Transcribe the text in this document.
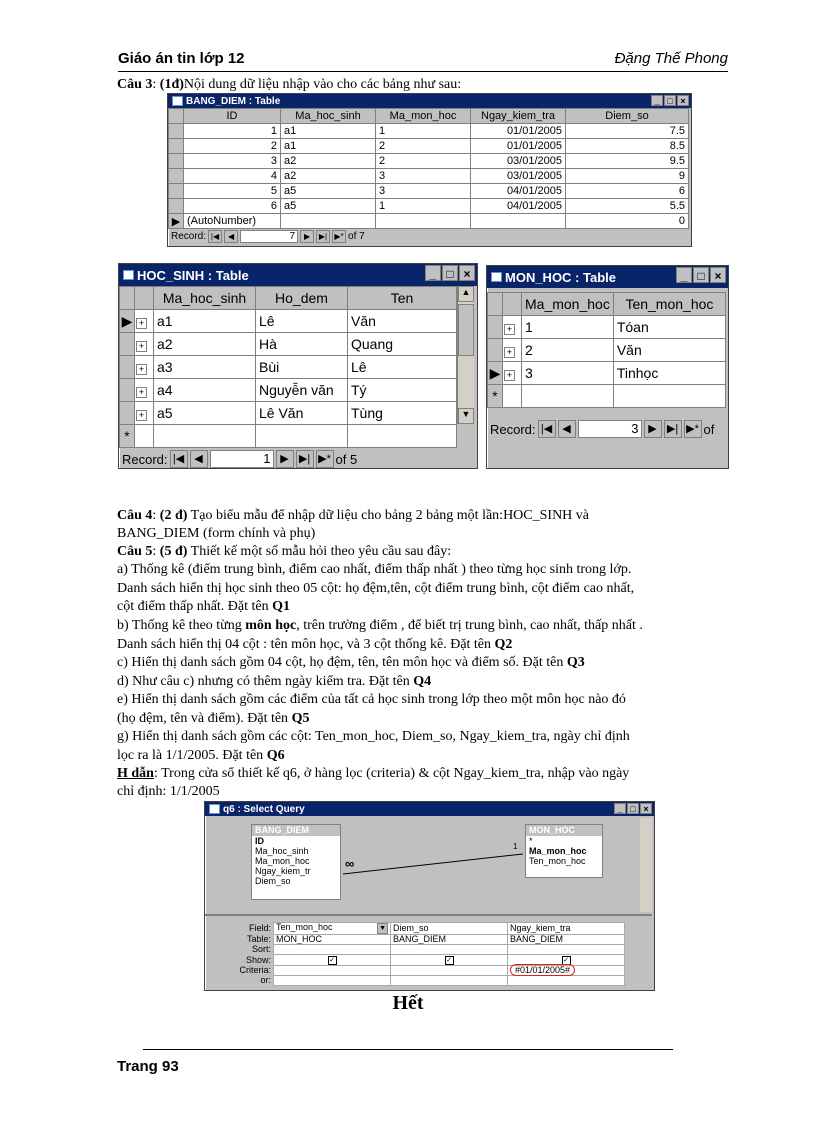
Giáo án tin lớp 12	Đặng Thế Phong
Câu 3: (1đ)Nội dung dữ liệu nhập vào cho các bảng như sau:
BANG_DIEM : Table	_ □ ×
	ID	Ma_hoc_sinh	Ma_mon_hoc	Ngay_kiem_tra	Diem_so
	1	a1	1	01/01/2005	7.5
	2	a1	2	01/01/2005	8.5
	3	a2	2	03/01/2005	9.5
	4	a2	3	03/01/2005	9
	5	a5	3	04/01/2005	6
	6	a5	1	04/01/2005	5.5
▶	(AutoNumber)				0
Record: |◀	◀	7	▶	▶| ▶* of 7
HOC_SINH : Table	_ □ ×
		Ma_hoc_sinh	Ho_dem	Ten
▶	+	a1	Lê	Văn
	+	a2	Hà	Quang
	+	a3	Bùi	Lê
	+	a4	Nguyễn văn	Tý
	+	a5	Lê Văn	Tùng
*				
▲
▼
Record: |◀ ◀	1 ▶ ▶| ▶* of 5
MON_HOC : Table	_ □ ×
		Ma_mon_hoc	Ten_mon_hoc
	+	1	Tóan
	+	2	Văn
▶	+	3	Tinhọc
*			
Record: |◀ ◀	3 ▶ ▶| ▶* of
Câu 4: (2 đ) Tạo biểu mẫu để nhập dữ liệu cho bảng 2 bảng một lần:HOC_SINH và
BANG_DIEM (form chính và phụ)
Câu 5: (5 đ) Thiết kế một số mẫu hỏi theo yêu cầu sau đây:
a) Thống kê (điểm trung bình, điểm cao nhất, điểm thấp nhất ) theo từng học sinh trong lớp.
Danh sách hiển thị học sinh theo 05 cột: họ đệm,tên, cột điểm trung bình, cột điểm cao nhất,
cột điểm thấp nhất. Đặt tên Q1
b) Thống kê theo từng môn học, trên trường điểm , để biết trị trung bình, cao nhất, thấp nhất .
Danh sách hiển thị 04 cột : tên môn học, và 3 cột thống kê. Đặt tên Q2
c) Hiển thị danh sách gồm 04 cột, họ đệm, tên, tên môn học và điểm số. Đặt tên Q3
d) Như câu c) nhưng có thêm ngày kiểm tra. Đặt tên Q4
e) Hiển thị danh sách gồm các điểm của tất cả học sinh trong lớp theo một môn học nào đó
(họ đệm, tên và điểm). Đặt tên Q5
g) Hiển thị danh sách gồm các cột: Ten_mon_hoc, Diem_so, Ngay_kiem_tra, ngày chỉ định
lọc ra là 1/1/2005. Đặt tên Q6
H dẫn: Trong cửa sổ thiết kế q6, ở hàng lọc (criteria) & cột Ngay_kiem_tra, nhập vào ngày
chỉ định: 1/1/2005
q6 : Select Query	_ □ ×
BANG_DIEM
ID
Ma_hoc_sinh
Ma_mon_hoc
Ngay_kiem_tr
Diem_so
∞
1
MON_HOC
*
Ma_mon_hoc
Ten_mon_hoc
Field:	Ten_mon_hoc ▼	Diem_so	Ngay_kiem_tra
Table:	MON_HOC	BANG_DIEM	BANG_DIEM
Sort:			
Show:	✓	✓	✓
Criteria:			#01/01/2005#
or:			
Hết
Trang 93
